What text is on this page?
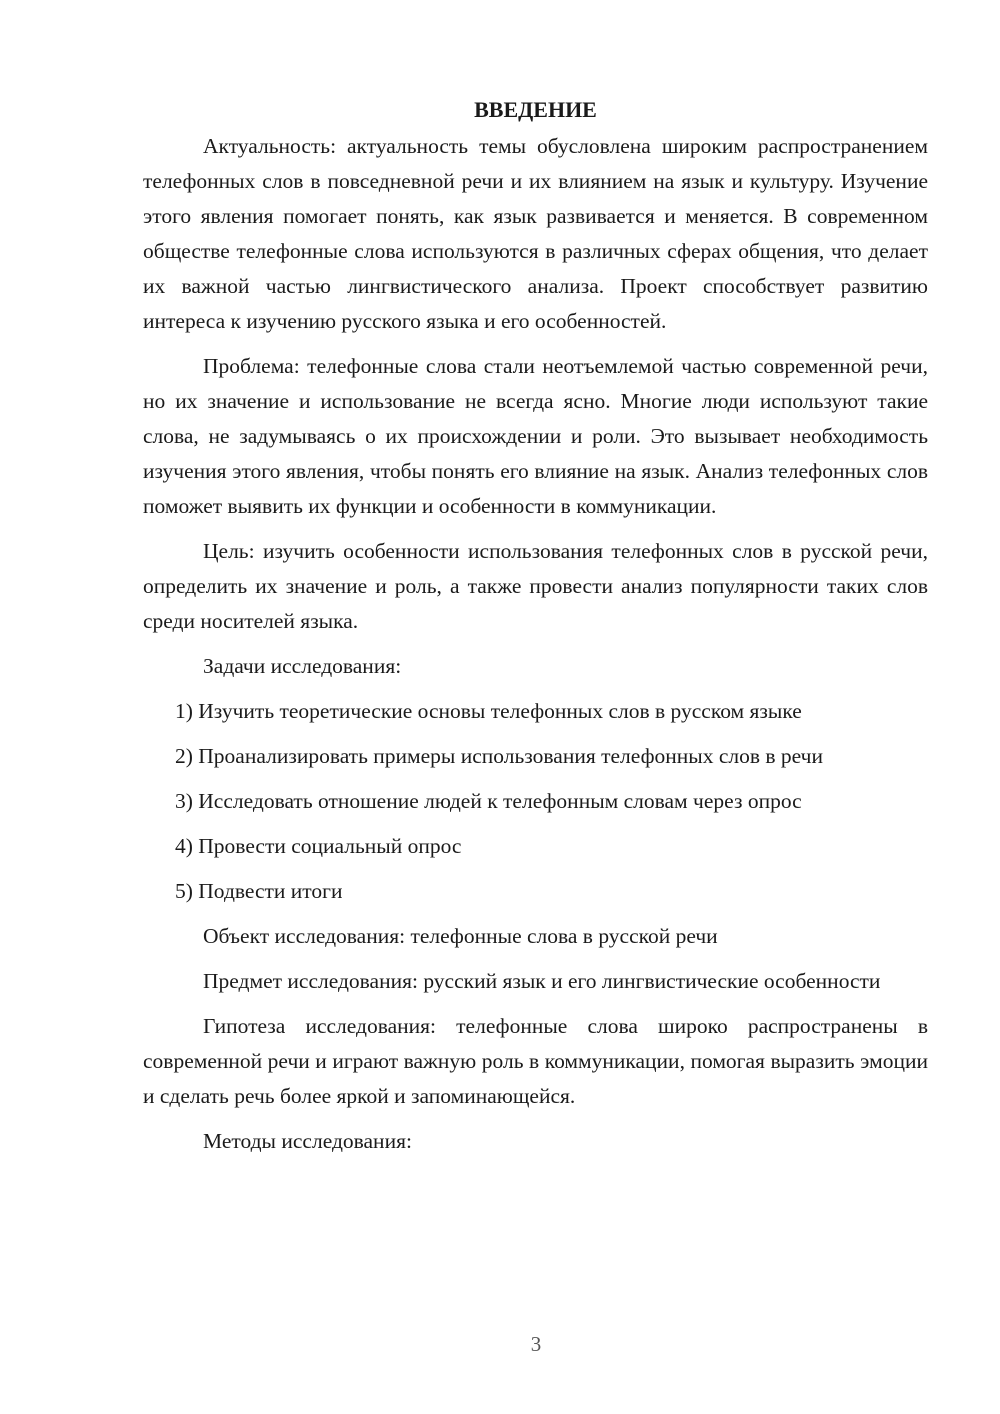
ВВЕДЕНИЕ

Актуальность: актуальность темы обусловлена широким распространением телефонных слов в повседневной речи и их влиянием на язык и культуру. Изучение этого явления помогает понять, как язык развивается и меняется. В современном обществе телефонные слова используются в различных сферах общения, что делает их важной частью лингвистического анализа. Проект способствует развитию интереса к изучению русского языка и его особенностей.

Проблема: телефонные слова стали неотъемлемой частью современной речи, но их значение и использование не всегда ясно. Многие люди используют такие слова, не задумываясь о их происхождении и роли. Это вызывает необходимость изучения этого явления, чтобы понять его влияние на язык. Анализ телефонных слов поможет выявить их функции и особенности в коммуникации.

Цель: изучить особенности использования телефонных слов в русской речи, определить их значение и роль, а также провести анализ популярности таких слов среди носителей языка.

Задачи исследования:

1) Изучить теоретические основы телефонных слов в русском языке
2) Проанализировать примеры использования телефонных слов в речи
3) Исследовать отношение людей к телефонным словам через опрос
4) Провести социальный опрос
5) Подвести итоги

Объект исследования: телефонные слова в русской речи

Предмет исследования: русский язык и его лингвистические особенности

Гипотеза исследования: телефонные слова широко распространены в современной речи и играют важную роль в коммуникации, помогая выразить эмоции и сделать речь более яркой и запоминающейся.

Методы исследования:

3
